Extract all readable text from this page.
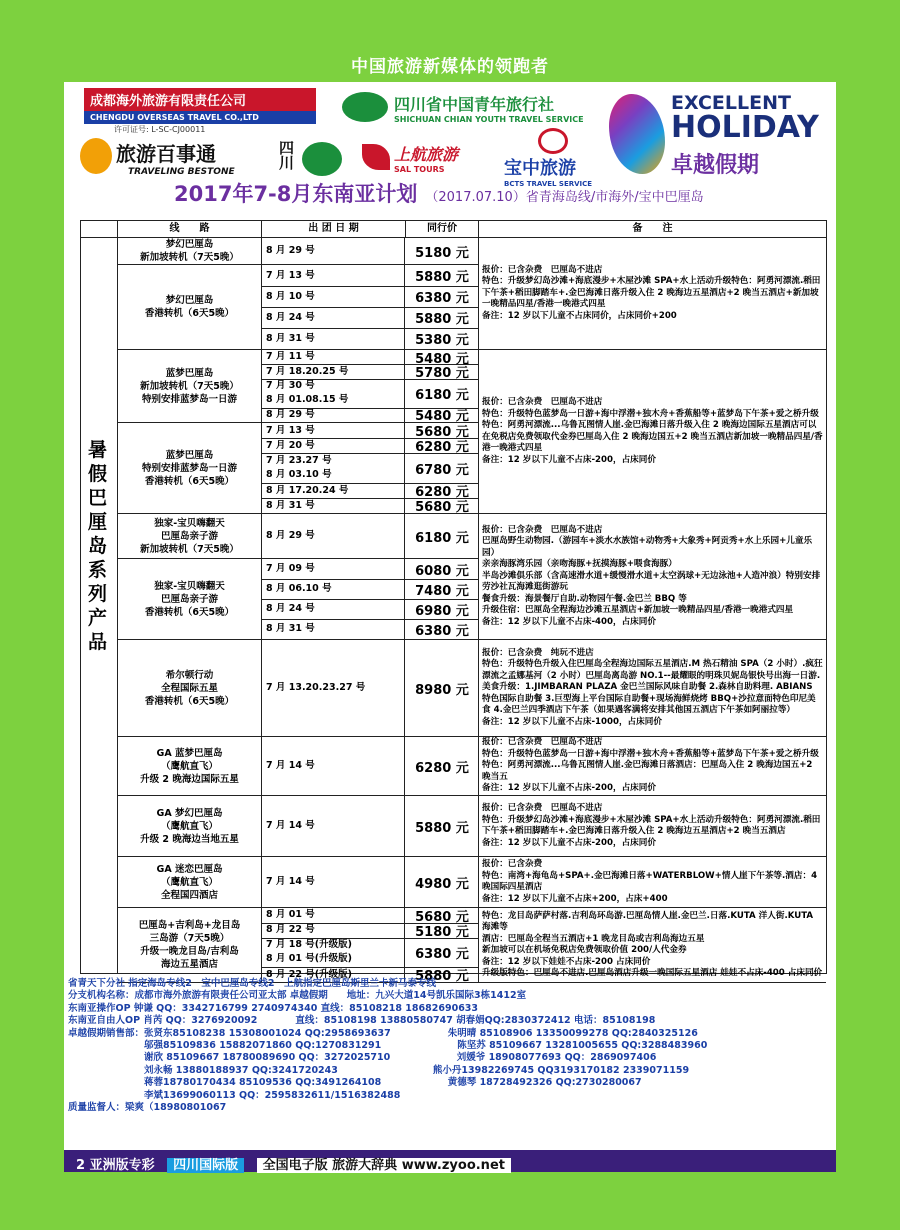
中国旅游新媒体的领跑者
成都海外旅游有限责任公司
CHENGDU OVERSEAS TRAVEL CO.,LTD
许可证号: L-SC-CJ00011
四川省中国青年旅行社
SHICHUAN CHIAN YOUTH TRAVEL SERVICE
EXCELLENT
HOLIDAY
卓越假期
旅游百事通
TRAVELING BESTONE
四川	上航旅游
SAL TOURS	宝中旅游
BCTS TRAVEL SERVICE
2017年7-8月东南亚计划 （2017.07.10）省青海岛线/市海外/宝中巴厘岛
线　　路	出 团 日 期	同行价	备　　注
暑假巴厘岛系列产品
梦幻巴厘岛
新加坡转机（7天5晚）
8 月 29 号	5180 元
梦幻巴厘岛
香港转机（6天5晚）
7 月 13 号	5880 元
8 月 10 号	6380 元
8 月 24 号	5880 元
8 月 31 号	5380 元
报价：已含杂费　巴厘岛不进店
特色：升级梦幻岛沙滩+海底漫步+木屋沙滩 SPA+水上活动升级特色：阿勇河漂流.稻田下午茶+稻田脚踏车+.金巴海滩日落升级入住 2 晚海边五星酒店+2 晚当五酒店+新加坡一晚精品四星/香港一晚港式四星
备注：12 岁以下儿童不占床同价，占床同价+200
蓝梦巴厘岛
新加坡转机（7天5晚）
特别安排蓝梦岛一日游
7 月 11 号	5480 元
7 月 18.20.25 号	5780 元
7 月 30 号
8 月 01.08.15 号	6180 元
8 月 29 号	5480 元
蓝梦巴厘岛
特别安排蓝梦岛一日游
香港转机（6天5晚）
7 月 13 号	5680 元
7 月 20 号	6280 元
7 月 23.27 号
8 月 03.10 号	6780 元
8 月 17.20.24 号	6280 元
8 月 31 号	5680 元
报价：已含杂费　巴厘岛不进店
特色：升级特色蓝梦岛一日游+海中浮潜+独木舟+香蕉船等+蓝梦岛下午茶+爱之桥升级特色：阿勇河漂流...乌鲁瓦图情人崖.金巴海滩日落升级入住 2 晚海边国际五星酒店可以在免税店免费领取代金券巴厘岛入住 2 晚海边国五+2 晚当五酒店新加坡一晚精品四星/香港一晚港式四星
备注：12 岁以下儿童不占床-200，占床同价
独家-宝贝嗨翻天
巴厘岛亲子游
新加坡转机（7天5晚）
8 月 29 号	6180 元
独家-宝贝嗨翻天
巴厘岛亲子游
香港转机（6天5晚）
7 月 09 号	6080 元
8 月 06.10 号	7480 元
8 月 24 号	6980 元
8 月 31 号	6380 元
报价：已含杂费　巴厘岛不进店
巴厘岛野生动物园.（游园车+淡水水族馆+动物秀+大象秀+阿贡秀+水上乐园+儿童乐园）
亲亲海豚湾乐园（亲吻海豚+抚摸海豚+喂食海豚）
半岛沙滩俱乐部（含高速滑水道+缓慢滑水道+太空涡球+无边泳池+人造冲浪）特别安排劳沙社瓦海滩逛街游玩
餐食升级：海景餐厅自助.动物园午餐.金巴兰 BBQ 等
升级住宿：巴厘岛全程海边沙滩五星酒店+新加坡一晚精品四星/香港一晚港式四星
备注：12 岁以下儿童不占床-400，占床同价
希尔顿行动
全程国际五星
香港转机（6天5晚）
7 月 13.20.23.27 号	8980 元
报价：已含杂费　纯玩不进店
特色：升级特色升级入住巴厘岛全程海边国际五星酒店.M 热石精油 SPA（2 小时）.疯狂漂流之孟娜基河（2 小时）巴厘岛离岛游 NO.1--最耀眼的明珠贝妮岛银快号出海一日游.美食升级：1.JIMBARAN PLAZA 金巴兰国际风味自助餐 2.森林自助料理. ABIANS 特色国际自助餐 3.巨型海上平台国际自助餐+现场海鲜烧烤 BBQ+沙拉意面特色印尼美食 4.金巴兰四季酒店下午茶（如果遇客满将安排其他国五酒店下午茶如阿丽拉等）
备注：12 岁以下儿童不占床-1000，占床同价
GA 蓝梦巴厘岛
（鹰航直飞）
升级 2 晚海边国际五星
7 月 14 号	6280 元
报价：已含杂费　巴厘岛不进店
特色：升级特色蓝梦岛一日游+海中浮潜+独木舟+香蕉船等+蓝梦岛下午茶+爱之桥升级特色：阿勇河漂流...乌鲁瓦图情人崖.金巴海滩日落酒店：巴厘岛入住 2 晚海边国五+2 晚当五
备注：12 岁以下儿童不占床-200，占床同价
GA 梦幻巴厘岛
（鹰航直飞）
升级 2 晚海边当地五星
7 月 14 号	5880 元
报价：已含杂费　巴厘岛不进店
特色：升级梦幻岛沙滩+海底漫步+木屋沙滩 SPA+水上活动升级特色：阿勇河漂流.稻田下午茶+稻田脚踏车+.金巴海滩日落升级入住 2 晚海边五星酒店+2 晚当五酒店
备注：12 岁以下儿童不占床-200，占床同价
GA 迷恋巴厘岛
（鹰航直飞）
全程国四酒店
7 月 14 号	4980 元
报价：已含杂费
特色：南湾+海龟岛+SPA+.金巴海滩日落+WATERBLOW+情人崖下午茶等.酒店：4 晚国际四星酒店
备注：12 岁以下儿童不占床+200，占床+400
巴厘岛+吉利岛+龙目岛
三岛游（7天5晚）
升级一晚龙目岛/吉利岛
海边五星酒店
8 月 01 号	5680 元
8 月 22 号	5180 元
7 月 18 号(升级版)
8 月 01 号(升级版)	6380 元
8 月 22 号(升级版)	5880 元
特色：龙目岛萨萨村落.吉利岛环岛游.巴厘岛情人崖.金巴兰.日落.KUTA 洋人街.KUTA 海滩等
酒店：巴厘岛全程当五酒店+1 晚龙目岛或吉利岛海边五星
新加坡可以在机场免税店免费领取价值 200/人代金券
备注：12 岁以下娃娃不占床-200 占床同价
升级版特色：巴厘岛不进店.巴厘岛酒店升级一晚国际五星酒店 娃娃不占床-400 占床同价
省青天下分社 指定海岛专线2　宝中巴厘岛专线2　上航指定巴厘岛斯里兰卡新马泰专线
分支机构名称：成都市海外旅游有限责任公司亚太部 卓越假期　　地址：九兴大道14号凯乐国际3栋1412室
东南亚操作OP 钟谦 QQ：3342716799 2740974340 直线：85108218 18682690633
东南亚自由人OP 肖芮 QQ：3276920092　　　　直线：85108198 13880580747 胡春娟QQ:2830372412 电话：85108198
卓越假期销售部：张贤东85108238 15308001024 QQ:2958693637　　　　　　朱明晴 85108906 13350099278 QQ:2840325126
　　　　　　　　邬强85109836 15882071860 QQ:1270831291　　　　　　　　陈坚苏 85109667 13281005655 QQ:3288483960
　　　　　　　　谢欣 85109667 18780089690 QQ：3272025710　　　　　　　刘媛爷 18908077693 QQ：2869097406
　　　　　　　　刘永畅 13880188937 QQ:3241720243　　　　　　　　　　熊小丹13982269745 QQ3193170182 2339071159
　　　　　　　　蒋蓉18780170434 85109536 QQ:3491264108　　　　　　　黄德琴 18728492326 QQ:2730280067
　　　　　　　　李斌13699060113 QQ：2595832611/1516382488
质量监督人：梁爽（18980801067
2 亚洲版专彩 四川国际版 全国电子版 旅游大辞典 www.zyoo.net
